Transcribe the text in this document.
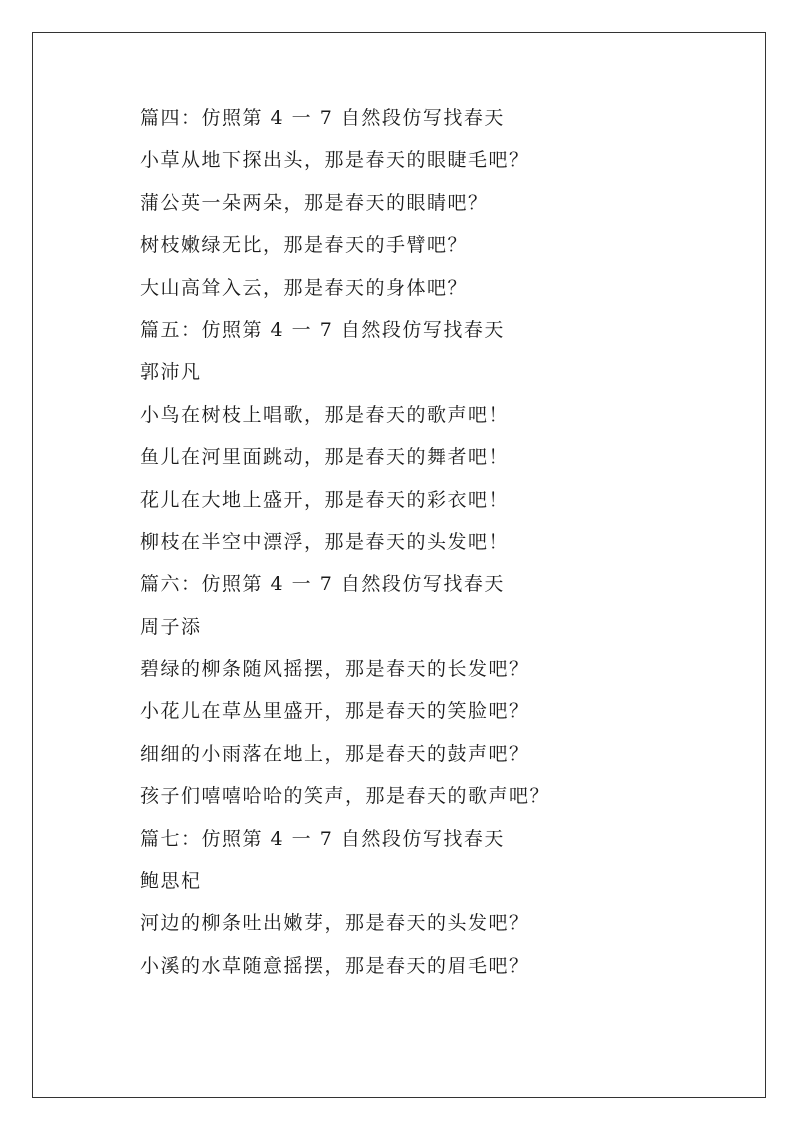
篇四：仿照第 4 一 7 自然段仿写找春天
小草从地下探出头，那是春天的眼睫毛吧？
蒲公英一朵两朵，那是春天的眼睛吧？
树枝嫩绿无比，那是春天的手臂吧？
大山高耸入云，那是春天的身体吧？
篇五：仿照第 4 一 7 自然段仿写找春天
郭沛凡
小鸟在树枝上唱歌，那是春天的歌声吧！
鱼儿在河里面跳动，那是春天的舞者吧！
花儿在大地上盛开，那是春天的彩衣吧！
柳枝在半空中漂浮，那是春天的头发吧！
篇六：仿照第 4 一 7 自然段仿写找春天
周子添
碧绿的柳条随风摇摆，那是春天的长发吧？
小花儿在草丛里盛开，那是春天的笑脸吧？
细细的小雨落在地上，那是春天的鼓声吧？
孩子们嘻嘻哈哈的笑声，那是春天的歌声吧？
篇七：仿照第 4 一 7 自然段仿写找春天
鲍思杞
河边的柳条吐出嫩芽，那是春天的头发吧？
小溪的水草随意摇摆，那是春天的眉毛吧？
